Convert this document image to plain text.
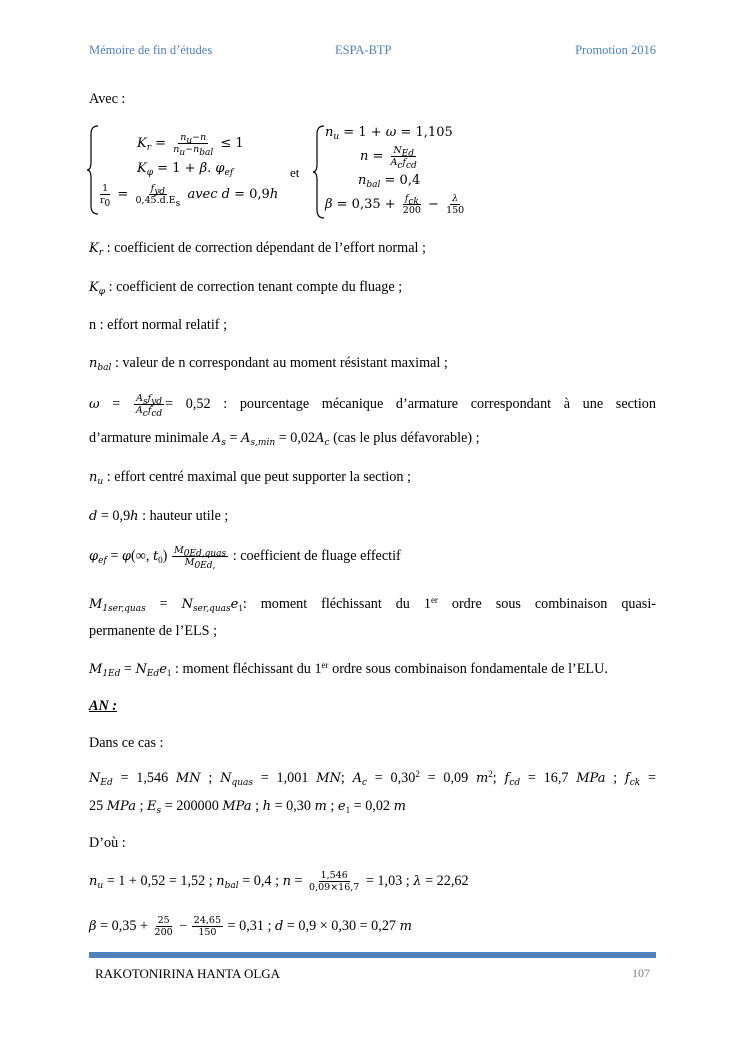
Mémoire de fin d’études	ESPA-BTP	Promotion 2016
Avec :
$K_r = \frac{n_u-n}{n_u-n_{bal}} \le 1$
$K_\varphi = 1 + \beta$. $\varphi_{ef}$
$\frac{1}{r_0} = \frac{f_{yd}}{0,45.d.E_s}$ avec d = 0,9h
et
$n_u = 1 + \omega = 1,105$
$n = \frac{N_{Ed}}{A_cf_{cd}}$
$n_{bal} = 0,4$
$\beta = 0,35 + \frac{f_{ck}}{200} - \frac{\lambda}{150}$
$K_r$ : coefficient de correction dépendant de l’effort normal ;
$K_\varphi$ : coefficient de correction tenant compte du fluage ;
n : effort normal relatif ;
$n_{bal}$ : valeur de n correspondant au moment résistant maximal ;
$\omega = \frac{A_sf_{yd}}{A_cf_{cd}} = 0,52$ : pourcentage mécanique d’armature correspondant à une section
d’armature minimale $A_s = A_{s,min} = 0,02A_c$ (cas le plus défavorable) ;
$n_u$ : effort centré maximal que peut supporter la section ;
d = 0,9h : hauteur utile ;
$\varphi_{ef} = \varphi(\infty$, $t_0) \frac{M_{0Ed,quas}}{M_{0Ed,}}$ : coefficient de fluage effectif
$M_{1ser,quas} = N_{ser,quas}e_1$: moment fléchissant du 1er ordre sous combinaison quasi-
permanente de l’ELS ;
$M_{1Ed} = N_{Ed}e_1$ : moment fléchissant du 1er ordre sous combinaison fondamentale de l’ELU.
AN :
Dans ce cas :
$N_{Ed} = 1,546$ MN ; $N_{quas} = 1,001$ MN; $A_c = 0,30^2 = 0,09$ $m^2$; $f_{cd} = 16,7$ MPa ; $f_{ck}$ =
25 MPa ; $E_s = 200000$ MPa ; h = 0,30 m ; $e_1 = 0,02$ m
D’où :
$n_u = 1 + 0,52 = 1,52$ ; $n_{bal} = 0,4$ ; $n = \frac{1,546}{0,09\times 16,7} = 1,03$ ; λ = 22,62
$\beta = 0,35 + \frac{25}{200} - \frac{24,65}{150} = 0,31$ ; d = 0,9 × 0,30 = 0,27 m
RAKOTONIRINA HANTA OLGA	107
